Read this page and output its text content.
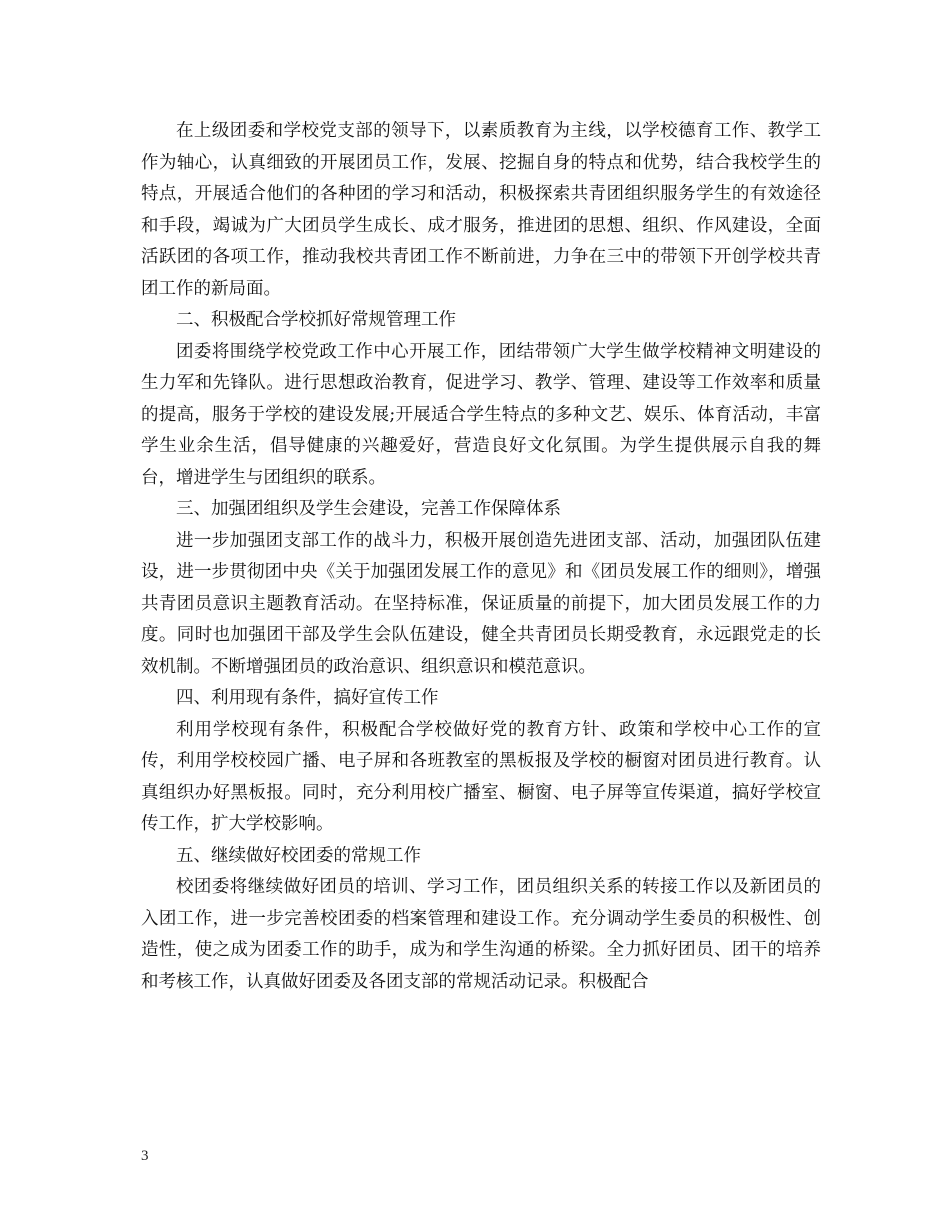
在上级团委和学校党支部的领导下，以素质教育为主线，以学校德育工作、教学工作为轴心，认真细致的开展团员工作，发展、挖掘自身的特点和优势，结合我校学生的特点，开展适合他们的各种团的学习和活动，积极探索共青团组织服务学生的有效途径和手段，竭诚为广大团员学生成长、成才服务，推进团的思想、组织、作风建设，全面活跃团的各项工作，推动我校共青团工作不断前进，力争在三中的带领下开创学校共青团工作的新局面。

二、积极配合学校抓好常规管理工作

团委将围绕学校党政工作中心开展工作，团结带领广大学生做学校精神文明建设的生力军和先锋队。进行思想政治教育，促进学习、教学、管理、建设等工作效率和质量的提高，服务于学校的建设发展;开展适合学生特点的多种文艺、娱乐、体育活动，丰富学生业余生活，倡导健康的兴趣爱好，营造良好文化氛围。为学生提供展示自我的舞台，增进学生与团组织的联系。

三、加强团组织及学生会建设，完善工作保障体系

进一步加强团支部工作的战斗力，积极开展创造先进团支部、活动，加强团队伍建设，进一步贯彻团中央《关于加强团发展工作的意见》和《团员发展工作的细则》，增强共青团员意识主题教育活动。在坚持标准，保证质量的前提下，加大团员发展工作的力度。同时也加强团干部及学生会队伍建设，健全共青团员长期受教育，永远跟党走的长效机制。不断增强团员的政治意识、组织意识和模范意识。

四、利用现有条件，搞好宣传工作

利用学校现有条件，积极配合学校做好党的教育方针、政策和学校中心工作的宣传，利用学校校园广播、电子屏和各班教室的黑板报及学校的橱窗对团员进行教育。认真组织办好黑板报。同时，充分利用校广播室、橱窗、电子屏等宣传渠道，搞好学校宣传工作，扩大学校影响。

五、继续做好校团委的常规工作

校团委将继续做好团员的培训、学习工作，团员组织关系的转接工作以及新团员的入团工作，进一步完善校团委的档案管理和建设工作。充分调动学生委员的积极性、创造性，使之成为团委工作的助手，成为和学生沟通的桥梁。全力抓好团员、团干的培养和考核工作，认真做好团委及各团支部的常规活动记录。积极配合

3
